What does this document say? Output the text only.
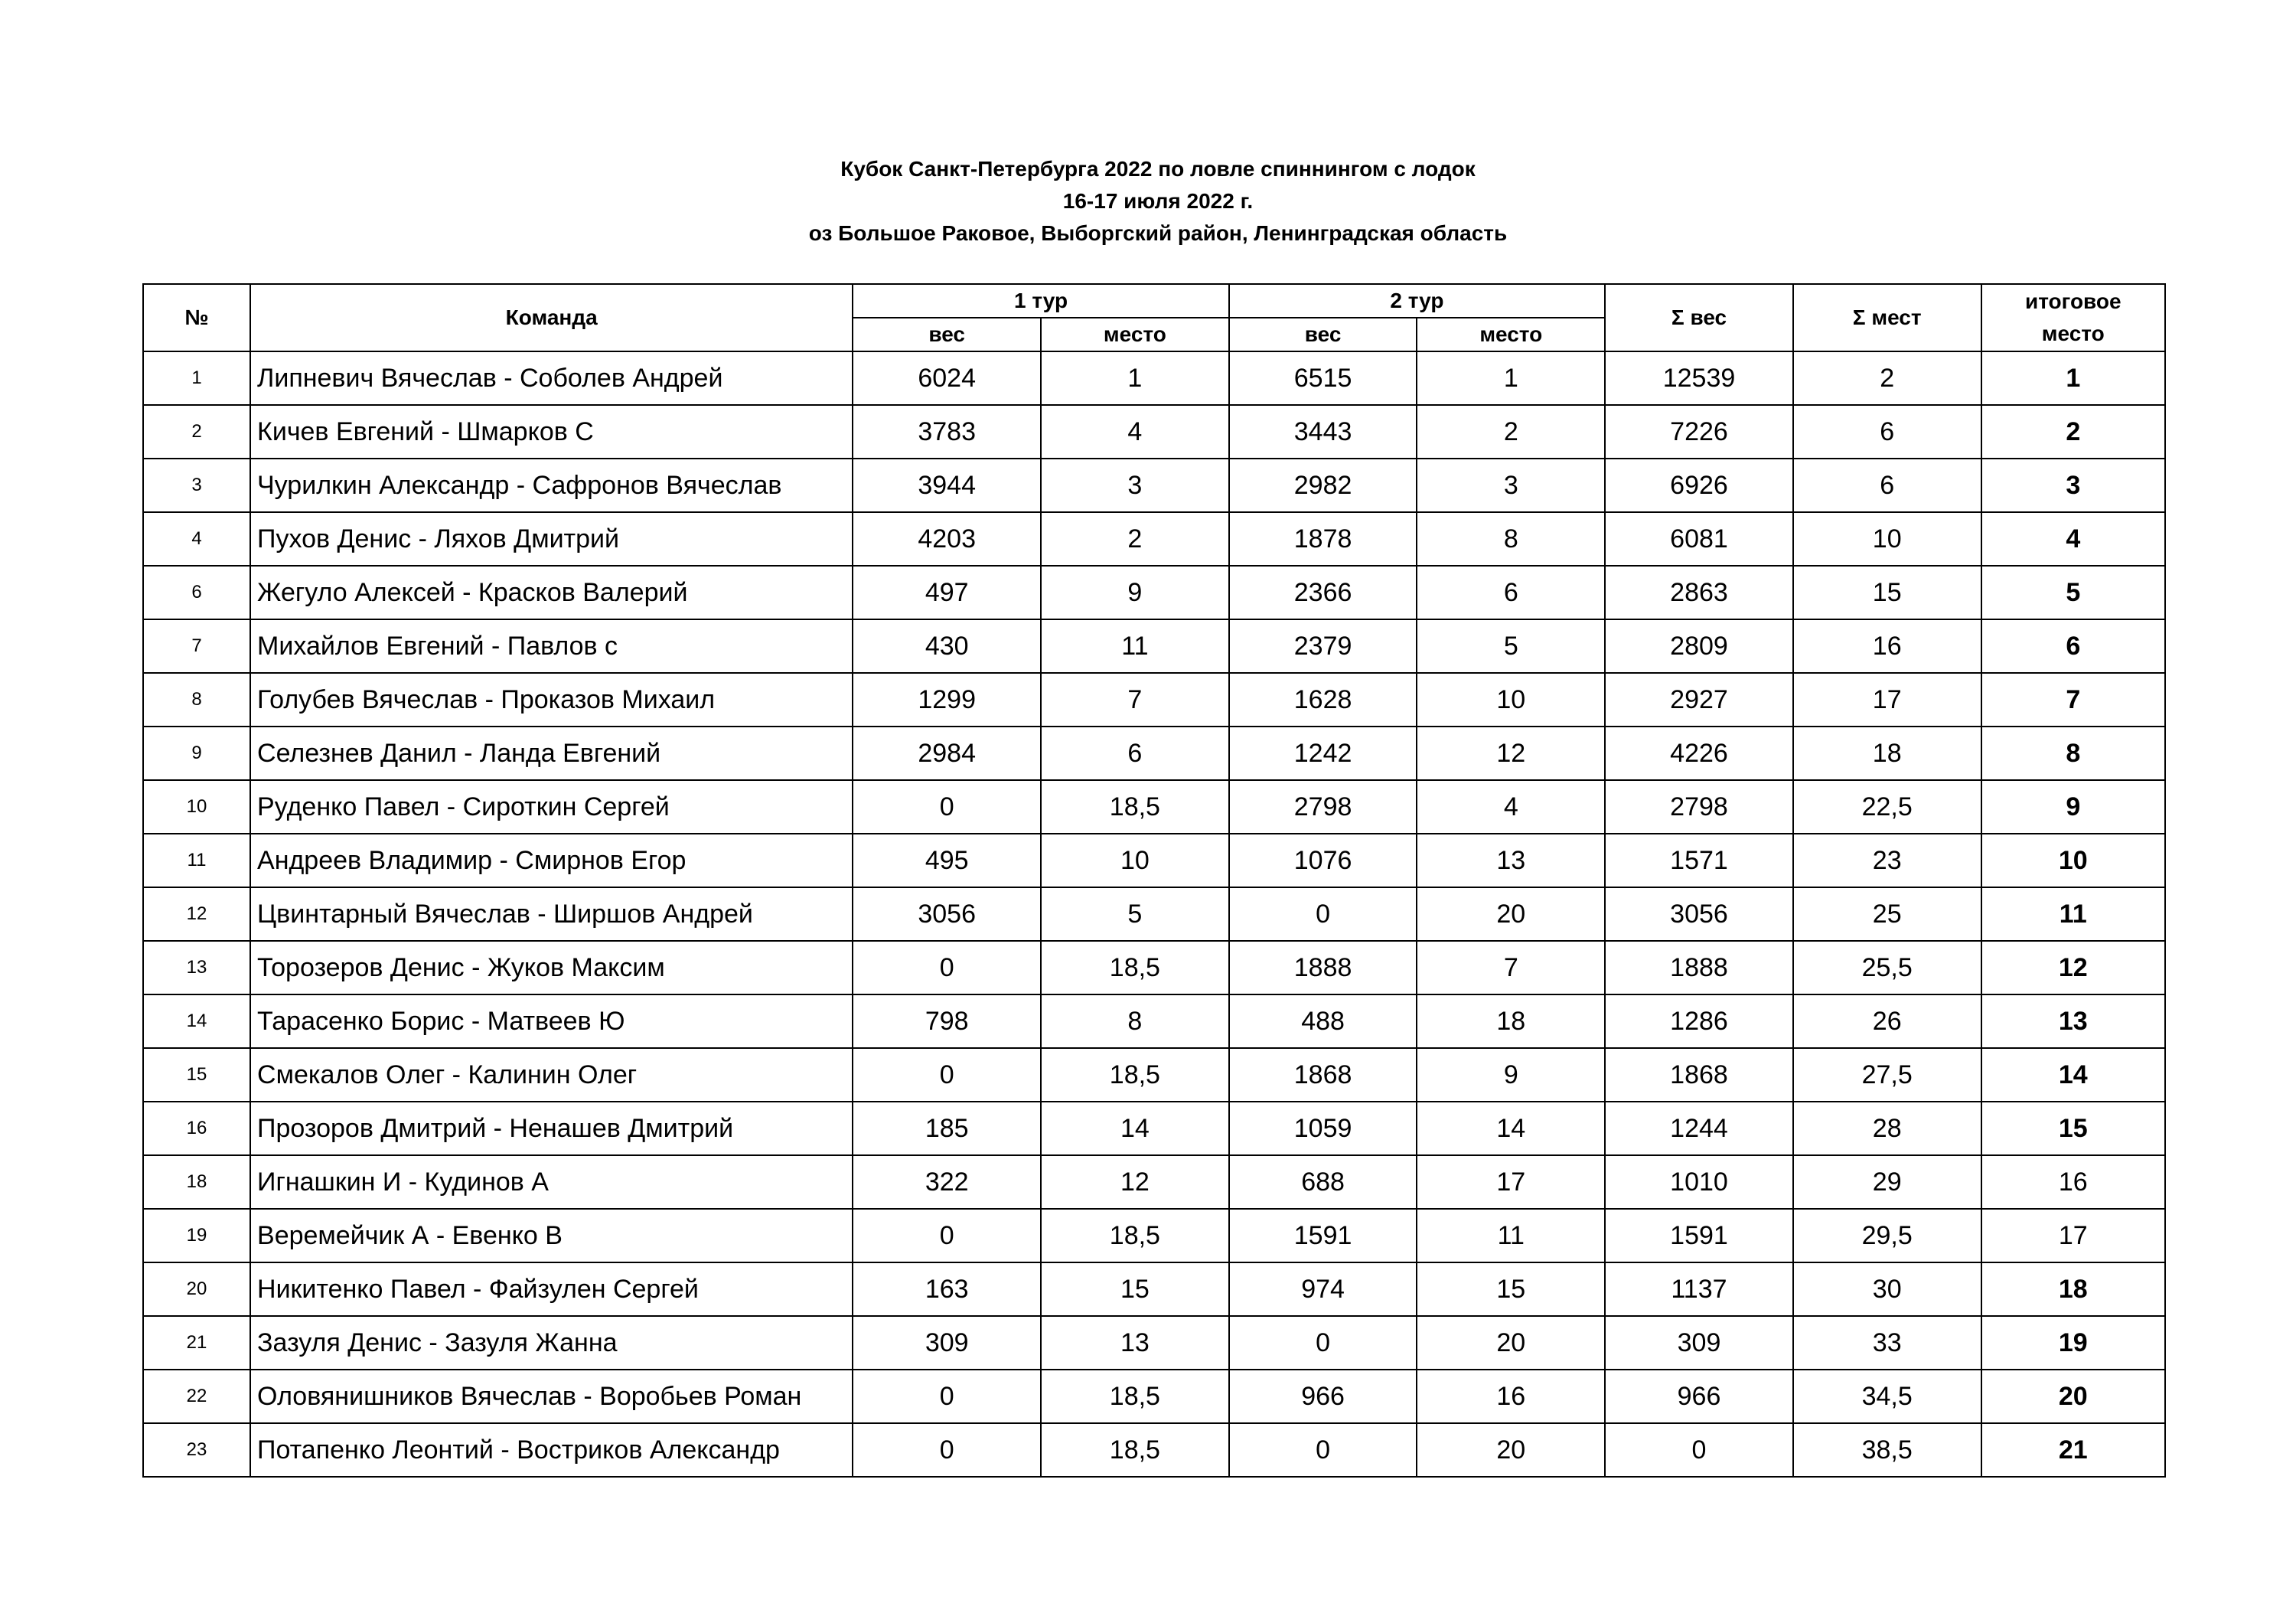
Кубок Санкт-Петербурга 2022 по ловле спиннингом с лодок
16-17 июля 2022 г.
оз Большое Раковое, Выборгский район, Ленинградская область
№	Команда	1 тур		2 тур		Σ вес	Σ мест	итоговое
место

		вес	место	вес	место			
1	Липневич Вячеслав - Соболев Андрей	6024	1	6515	1	12539	2	1
2	Кичев Евгений - Шмарков С	3783	4	3443	2	7226	6	2
3	Чурилкин Александр - Сафронов Вячеслав	3944	3	2982	3	6926	6	3
4	Пухов Денис - Ляхов Дмитрий	4203	2	1878	8	6081	10	4
6	Жегуло Алексей - Красков Валерий	497	9	2366	6	2863	15	5
7	Михайлов Евгений - Павлов с	430	11	2379	5	2809	16	6
8	Голубев Вячеслав - Проказов Михаил	1299	7	1628	10	2927	17	7
9	Селезнев Данил - Ланда Евгений	2984	6	1242	12	4226	18	8
10	Руденко Павел - Сироткин Сергей	0	18,5	2798	4	2798	22,5	9
11	Андреев Владимир - Смирнов Егор	495	10	1076	13	1571	23	10
12	Цвинтарный Вячеслав - Ширшов Андрей	3056	5	0	20	3056	25	11
13	Торозеров Денис - Жуков Максим	0	18,5	1888	7	1888	25,5	12
14	Тарасенко Борис - Матвеев Ю	798	8	488	18	1286	26	13
15	Смекалов Олег - Калинин Олег	0	18,5	1868	9	1868	27,5	14
16	Прозоров Дмитрий - Ненашев Дмитрий	185	14	1059	14	1244	28	15
18	Игнашкин И - Кудинов А	322	12	688	17	1010	29	16
19	Веремейчик А - Евенко В	0	18,5	1591	11	1591	29,5	17
20	Никитенко Павел - Файзулен Сергей	163	15	974	15	1137	30	18
21	Зазуля Денис - Зазуля Жанна	309	13	0	20	309	33	19
22	Оловянишников Вячеслав - Воробьев Роман	0	18,5	966	16	966	34,5	20
23	Потапенко Леонтий - Востриков Александр	0	18,5	0	20	0	38,5	21
